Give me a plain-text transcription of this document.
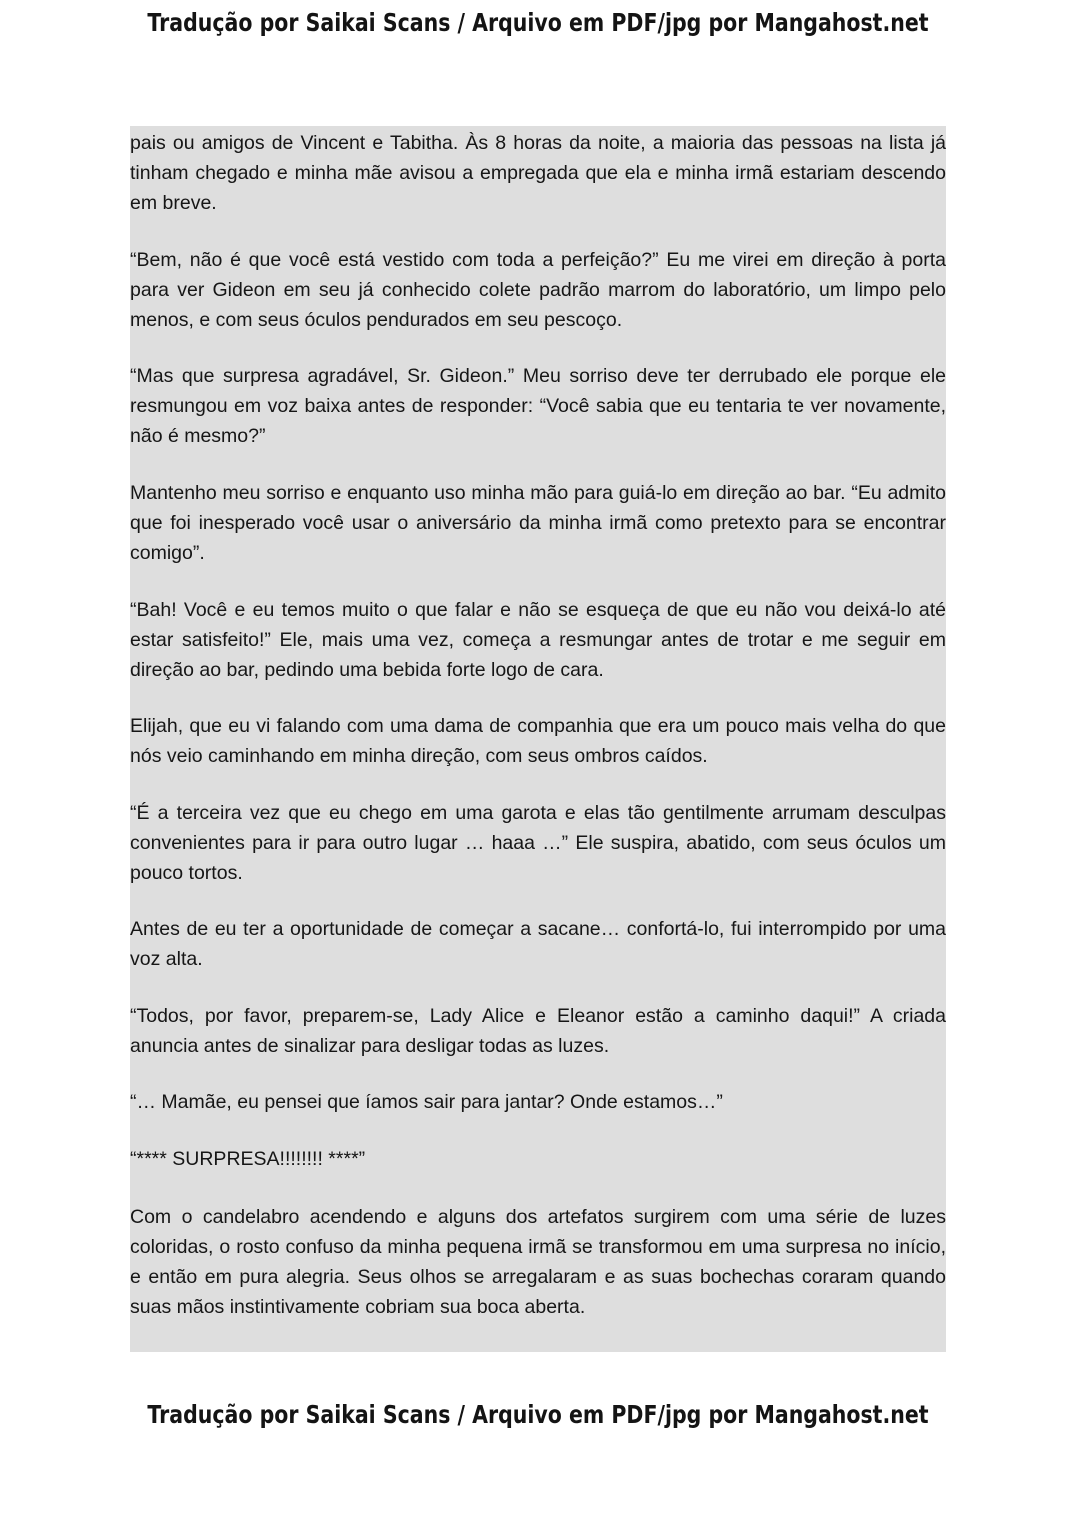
Tradução por Saikai Scans / Arquivo em PDF/jpg por Mangahost.net

pais ou amigos de Vincent e Tabitha. Às 8 horas da noite, a maioria das pessoas na lista já tinham chegado e minha mãe avisou a empregada que ela e minha irmã estariam descendo em breve.

“Bem, não é que você está vestido com toda a perfeição?” Eu me virei em direção à porta para ver Gideon em seu já conhecido colete padrão marrom do laboratório, um limpo pelo menos, e com seus óculos pendurados em seu pescoço.

“Mas que surpresa agradável, Sr. Gideon.” Meu sorriso deve ter derrubado ele porque ele resmungou em voz baixa antes de responder: “Você sabia que eu tentaria te ver novamente, não é mesmo?”

Mantenho meu sorriso e enquanto uso minha mão para guiá-lo em direção ao bar. “Eu admito que foi inesperado você usar o aniversário da minha irmã como pretexto para se encontrar comigo”.

“Bah! Você e eu temos muito o que falar e não se esqueça de que eu não vou deixá-lo até estar satisfeito!” Ele, mais uma vez, começa a resmungar antes de trotar e me seguir em direção ao bar, pedindo uma bebida forte logo de cara.

Elijah, que eu vi falando com uma dama de companhia que era um pouco mais velha do que nós veio caminhando em minha direção, com seus ombros caídos.

“É a terceira vez que eu chego em uma garota e elas tão gentilmente arrumam desculpas convenientes para ir para outro lugar … haaa …” Ele suspira, abatido, com seus óculos um pouco tortos.

Antes de eu ter a oportunidade de começar a sacane… confortá-lo, fui interrompido por uma voz alta.

“Todos, por favor, preparem-se, Lady Alice e Eleanor estão a caminho daqui!” A criada anuncia antes de sinalizar para desligar todas as luzes.

“… Mamãe, eu pensei que íamos sair para jantar? Onde estamos…”

“**** SURPRESA!!!!!!!! ****”

Com o candelabro acendendo e alguns dos artefatos surgirem com uma série de luzes coloridas, o rosto confuso da minha pequena irmã se transformou em uma surpresa no início, e então em pura alegria. Seus olhos se arregalaram e as suas bochechas coraram quando suas mãos instintivamente cobriam sua boca aberta.

Tradução por Saikai Scans / Arquivo em PDF/jpg por Mangahost.net
